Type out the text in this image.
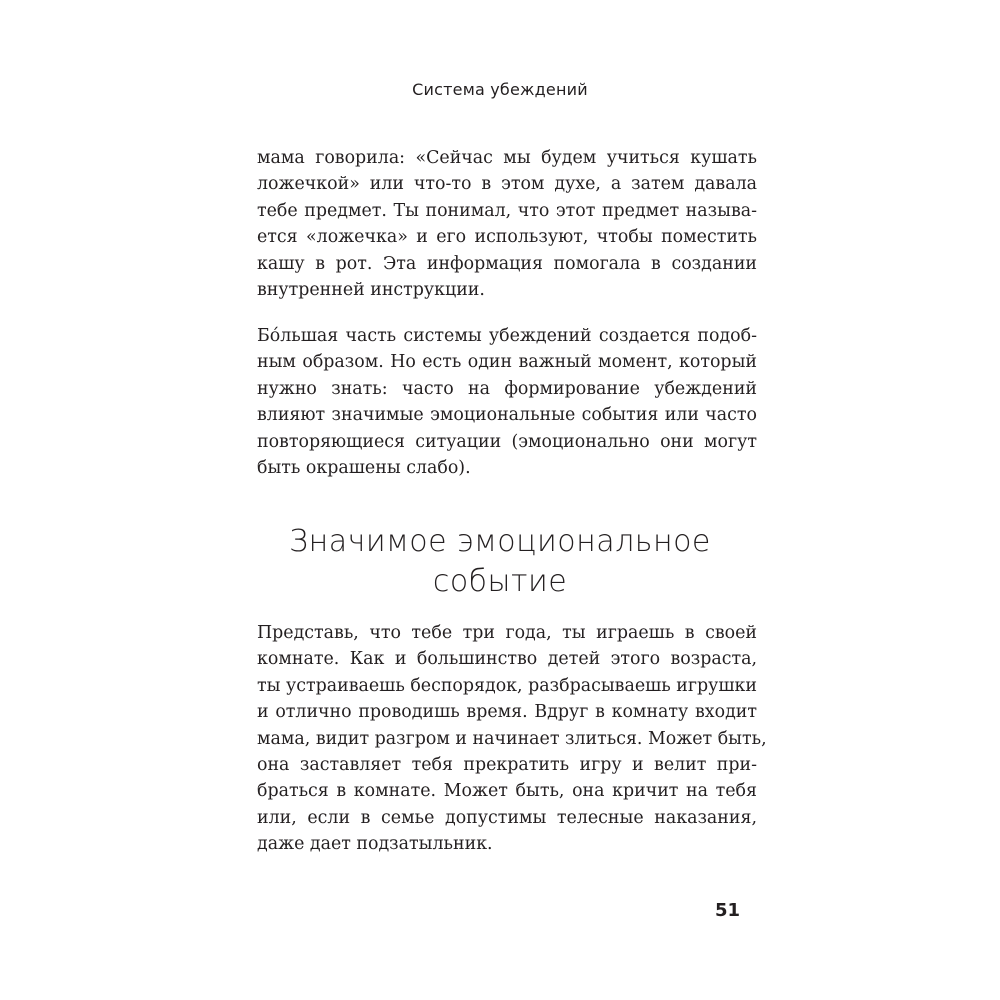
Система убеждений
мама говорила: «Сейчас мы будем учиться кушать
ложечкой» или что-то в этом духе, а затем давала
тебе предмет. Ты понимал, что этот предмет называ-
ется «ложечка» и его используют, чтобы поместить
кашу в рот. Эта информация помогала в создании
внутренней инструкции.
Бо́льшая часть системы убеждений создается подоб-
ным образом. Но есть один важный момент, который
нужно знать: часто на формирование убеждений
влияют значимые эмоциональные события или часто
повторяющиеся ситуации (эмоционально они могут
быть окрашены слабо).
Значимое эмоциональное
событие
Представь, что тебе три года, ты играешь в своей
комнате. Как и большинство детей этого возраста,
ты устраиваешь беспорядок, разбрасываешь игрушки
и отлично проводишь время. Вдруг в комнату входит
мама, видит разгром и начинает злиться. Может быть,
она заставляет тебя прекратить игру и велит при-
браться в комнате. Может быть, она кричит на тебя
или, если в семье допустимы телесные наказания,
даже дает подзатыльник.
51
